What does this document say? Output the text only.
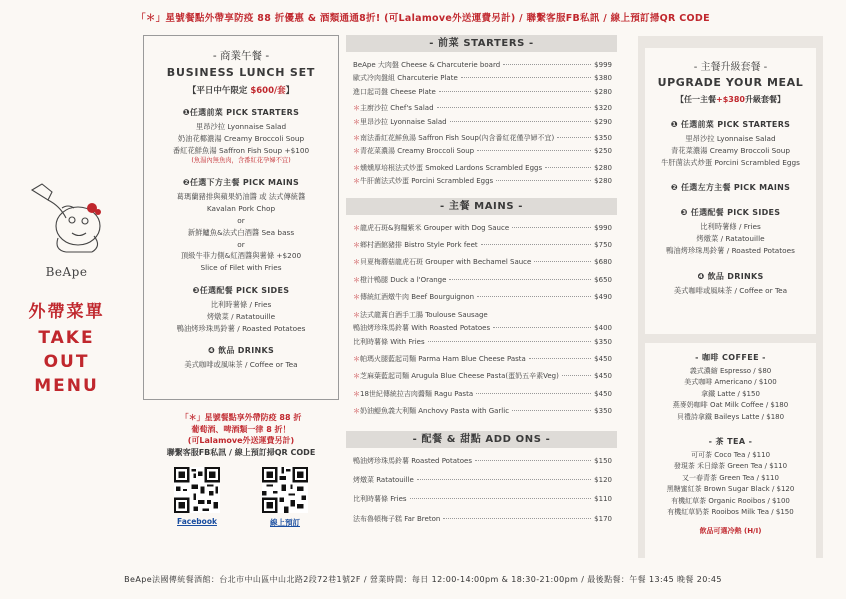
「＊」星號餐點外帶享防疫 88 折優惠 & 酒類通通8折! (可Lalamove外送運費另計) / 聯繫客服FB私訊 / 線上預訂掃QR CODE
BeApe
外帶菜單
TAKE
OUT
MENU
- 商業午餐 -
BUSINESS LUNCH SET
【平日中午限定 $600/套】
❶任選前菜 PICK STARTERS
里昂沙拉 Lyonnaise Salad
奶油花椰濃湯 Creamy Broccoli Soup
番紅花鮮魚湯 Saffron Fish Soup +$100
(魚湯內無魚肉，含番紅花孕婦不宜)
❷任選下方主餐 PICK MAINS
葛瑪蘭豬排與蘋果奶油醬 或 法式傳統醬
Kavalan Pork Chop
or
新鮮鱸魚&法式白酒醬 Sea bass
or
頂級牛菲力側&紅酒醬與薯條 +$200
Slice of Filet with Fries
❸任選配餐 PICK SIDES
比利時薯條 / Fries
烤燉菜 / Ratatouille
鴨油烤珍珠馬鈴薯 / Roasted Potatoes
❹ 飲品 DRINKS
美式咖啡或風味茶 / Coffee or Tea
「＊」星號餐點享外帶防疫 88 折
葡萄酒、啤酒類一律 8 折！
(可Lalamove外送運費另計)
聯繫客服FB私訊 / 線上預訂掃QR CODE
Facebook	線上預訂
- 前菜 STARTERS -
BeApe 大肉盤 Cheese & Charcuterie board	$999
歐式冷肉盤組 Charcuterie Plate	$380
進口起司盤 Cheese Plate	$280
＊主廚沙拉 Chef's Salad	$320
＊里昂沙拉 Lyonnaise Salad	$290
＊南法番紅花鮮魚湯 Saffron Fish Soup(內含番紅花僅孕婦不宜)	$350
＊青花菜濃湯 Creamy Broccoli Soup	$250
＊燻燻厚培根法式炒蛋 Smoked Lardons Scrambled Eggs	$280
＊牛肝菌法式炒蛋 Porcini Scrambled Eggs	$280
- 主餐 MAINS -
＊龍虎石斑&狗糧紫米 Grouper with Dog Sauce	$990
＊鄉村酒館豬排 Bistro Style Pork feet	$750
＊貝夏梅蘑菇龍虎石斑 Grouper with Bechamel Sauce	$680
＊橙汁鴨腿 Duck a l'Orange	$650
＊傳統紅酒燉牛肉 Beef Bourguignon	$490
＊法式龍蒿白酒手工腸 Toulouse Sausage
鴨油烤珍珠馬鈴薯 With Roasted Potatoes	$400
比利時薯條 With Fries	$350
＊帕瑪火腿藍起司麵 Parma Ham Blue Cheese Pasta	$450
＊芝麻葉藍起司麵 Arugula Blue Cheese Pasta(蛋奶五辛素Veg)	$450
＊18世紀傳統拉吉肉醬麵 Ragu Pasta	$450
＊奶油鯷魚義大利麵 Anchovy Pasta with Garlic	$350
- 配餐 & 甜點 ADD ONS -
鴨油烤珍珠馬鈴薯 Roasted Potatoes	$150
烤燉菜 Ratatouille	$120
比利時薯條 Fries	$110
法布魯頓梅子糕 Far Breton	$170
- 主餐升級套餐 -
UPGRADE YOUR MEAL
【任一主餐+$380升級套餐】
❶ 任選前菜 PICK STARTERS
里昂沙拉 Lyonnaise Salad
青花菜濃湯 Creamy Broccoli Soup
牛肝菌法式炒蛋 Porcini Scrambled Eggs
❷ 任選左方主餐 PICK MAINS
❸ 任選配餐 PICK SIDES
比利時薯條 / Fries
烤燉菜 / Ratatouille
鴨油烤珍珠馬鈴薯 / Roasted Potatoes
❹ 飲品 DRINKS
美式咖啡或風味茶 / Coffee or Tea
- 咖啡 COFFEE -
義式濃縮 Espresso / $80
美式咖啡 Americano / $100
拿鐵 Latte / $150
燕麥奶咖啡 Oat Milk Coffee / $180
貝禮詩拿鐵 Baileys Latte / $180
- 茶 TEA -
可可茶 Coco Tea / $110
發現茶 禾日綠茶 Green Tea / $110
又一春青茶 Green Tea / $110
黑糖蜜紅茶 Brown Sugar Black / $120
有機紅草茶 Organic Rooibos / $100
有機紅草奶茶 Rooibos Milk Tea / $150
飲品可選冷熱 (H/I)
BeApe法國傳統餐酒館：台北市中山區中山北路2段72巷1號2F / 營業時間：每日 12:00-14:00pm & 18:30-21:00pm / 最後點餐：午餐 13:45 晚餐 20:45
